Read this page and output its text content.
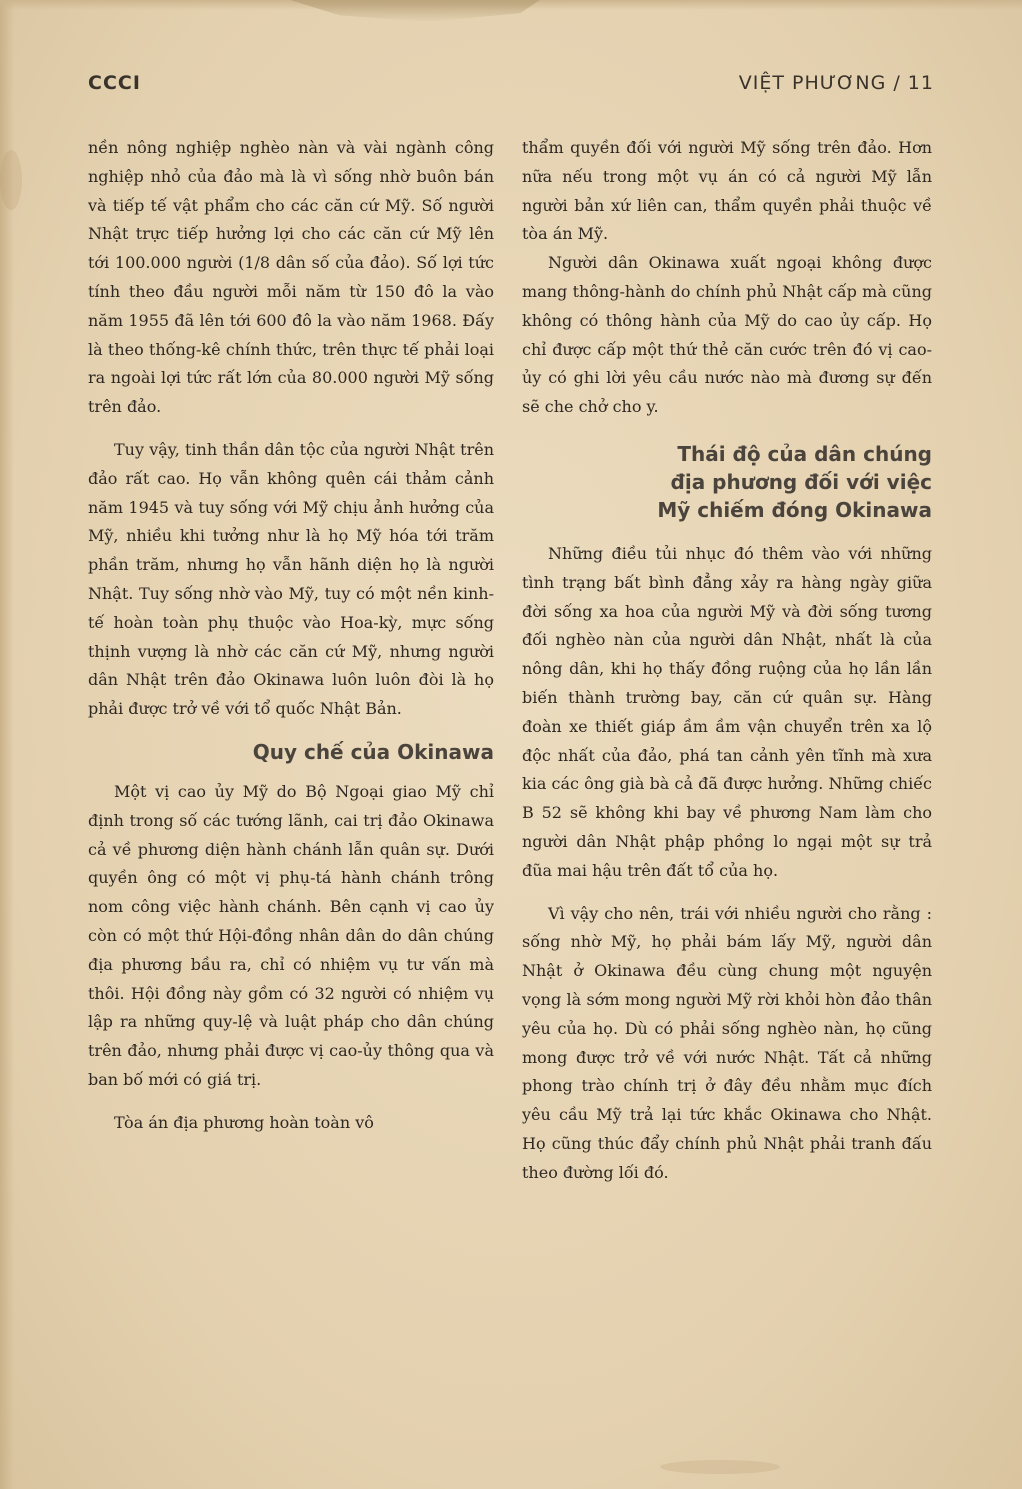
CCCI	VIỆT PHƯƠNG / 11

nền nông nghiệp nghèo nàn và vài ngành công nghiệp nhỏ của đảo mà là vì sống nhờ buôn bán và tiếp tế vật phẩm cho các căn cứ Mỹ. Số người Nhật trực tiếp hưởng lợi cho các căn cứ Mỹ lên tới 100.000 người (1/8 dân số của đảo). Số lợi tức tính theo đầu người mỗi năm từ 150 đô la vào năm 1955 đã lên tới 600 đô la vào năm 1968. Đấy là theo thống-kê chính thức, trên thực tế phải loại ra ngoài lợi tức rất lớn của 80.000 người Mỹ sống trên đảo.

Tuy vậy, tinh thần dân tộc của người Nhật trên đảo rất cao. Họ vẫn không quên cái thảm cảnh năm 1945 và tuy sống với Mỹ chịu ảnh hưởng của Mỹ, nhiều khi tưởng như là họ Mỹ hóa tới trăm phần trăm, nhưng họ vẫn hãnh diện họ là người Nhật. Tuy sống nhờ vào Mỹ, tuy có một nền kinh-tế hoàn toàn phụ thuộc vào Hoa-kỳ, mực sống thịnh vượng là nhờ các căn cứ Mỹ, nhưng người dân Nhật trên đảo Okinawa luôn luôn đòi là họ phải được trở về với tổ quốc Nhật Bản.

Quy chế của Okinawa

Một vị cao ủy Mỹ do Bộ Ngoại giao Mỹ chỉ định trong số các tướng lãnh, cai trị đảo Okinawa cả về phương diện hành chánh lẫn quân sự. Dưới quyền ông có một vị phụ-tá hành chánh trông nom công việc hành chánh. Bên cạnh vị cao ủy còn có một thứ Hội-đồng nhân dân do dân chúng địa phương bầu ra, chỉ có nhiệm vụ tư vấn mà thôi. Hội đồng này gồm có 32 người có nhiệm vụ lập ra những quy-lệ và luật pháp cho dân chúng trên đảo, nhưng phải được vị cao-ủy thông qua và ban bố mới có giá trị.

Tòa án địa phương hoàn toàn vô

thẩm quyền đối với người Mỹ sống trên đảo. Hơn nữa nếu trong một vụ án có cả người Mỹ lẫn người bản xứ liên can, thẩm quyền phải thuộc về tòa án Mỹ.

Người dân Okinawa xuất ngoại không được mang thông-hành do chính phủ Nhật cấp mà cũng không có thông hành của Mỹ do cao ủy cấp. Họ chỉ được cấp một thứ thẻ căn cước trên đó vị cao-ủy có ghi lời yêu cầu nước nào mà đương sự đến sẽ che chở cho y.

Thái độ của dân chúng
địa phương đối với việc
Mỹ chiếm đóng Okinawa

Những điều tủi nhục đó thêm vào với những tình trạng bất bình đẳng xảy ra hàng ngày giữa đời sống xa hoa của người Mỹ và đời sống tương đối nghèo nàn của người dân Nhật, nhất là của nông dân, khi họ thấy đồng ruộng của họ lần lần biến thành trường bay, căn cứ quân sự. Hàng đoàn xe thiết giáp ầm ầm vận chuyển trên xa lộ độc nhất của đảo, phá tan cảnh yên tĩnh mà xưa kia các ông già bà cả đã được hưởng. Những chiếc B 52 sẽ không khi bay về phương Nam làm cho người dân Nhật phập phồng lo ngại một sự trả đũa mai hậu trên đất tổ của họ.

Vì vậy cho nên, trái với nhiều người cho rằng : sống nhờ Mỹ, họ phải bám lấy Mỹ, người dân Nhật ở Okinawa đều cùng chung một nguyện vọng là sớm mong người Mỹ rời khỏi hòn đảo thân yêu của họ. Dù có phải sống nghèo nàn, họ cũng mong được trở về với nước Nhật. Tất cả những phong trào chính trị ở đây đều nhằm mục đích yêu cầu Mỹ trả lại tức khắc Okinawa cho Nhật. Họ cũng thúc đẩy chính phủ Nhật phải tranh đấu theo đường lối đó.
